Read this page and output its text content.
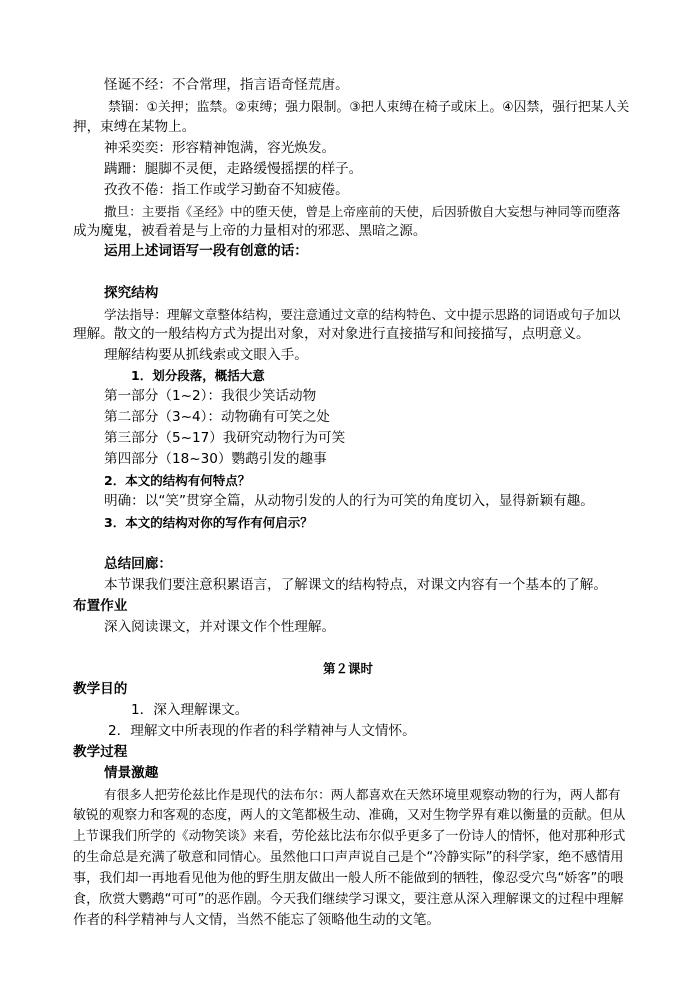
怪诞不经：不合常理，指言语奇怪荒唐。
禁锢：①关押；监禁。②束缚；强力限制。③把人束缚在椅子或床上。④囚禁，强行把某人关
押，束缚在某物上。
神采奕奕：形容精神饱满，容光焕发。
蹒跚：腿脚不灵便，走路缓慢摇摆的样子。
孜孜不倦：指工作或学习勤奋不知疲倦。
撒旦：主要指《圣经》中的堕天使，曾是上帝座前的天使，后因骄傲自大妄想与神同等而堕落
成为魔鬼，被看着是与上帝的力量相对的邪恶、黑暗之源。
运用上述词语写一段有创意的话：
探究结构
学法指导：理解文章整体结构，要注意通过文章的结构特色、文中提示思路的词语或句子加以
理解。散文的一般结构方式为提出对象，对对象进行直接描写和间接描写，点明意义。
理解结构要从抓线索或文眼入手。
1．划分段落，概括大意
第一部分（1~2）：我很少笑话动物
第二部分（3~4）：动物确有可笑之处
第三部分（5~17）我研究动物行为可笑
第四部分（18~30）鹦鹉引发的趣事
2．本文的结构有何特点？
明确：以“笑”贯穿全篇，从动物引发的人的行为可笑的角度切入，显得新颖有趣。
3．本文的结构对你的写作有何启示？
总结回廊：
本节课我们要注意积累语言，了解课文的结构特点，对课文内容有一个基本的了解。
布置作业
深入阅读课文，并对课文作个性理解。
第２课时
教学目的
1．深入理解课文。
2．理解文中所表现的作者的科学精神与人文情怀。
教学过程
情景激趣
有很多人把劳伦兹比作是现代的法布尔：两人都喜欢在天然环境里观察动物的行为，两人都有
敏锐的观察力和客观的态度，两人的文笔都极生动、准确，又对生物学界有难以衡量的贡献。但从
上节课我们所学的《动物笑谈》来看，劳伦兹比法布尔似乎更多了一份诗人的情怀，他对那种形式
的生命总是充满了敬意和同情心。虽然他口口声声说自己是个“冷静实际”的科学家，绝不感情用
事，我们却一再地看见他为他的野生朋友做出一般人所不能做到的牺牲，像忍受穴鸟“娇客”的喂
食，欣赏大鹦鹉“可可”的恶作剧。今天我们继续学习课文，要注意从深入理解课文的过程中理解
作者的科学精神与人文情，当然不能忘了领略他生动的文笔。
